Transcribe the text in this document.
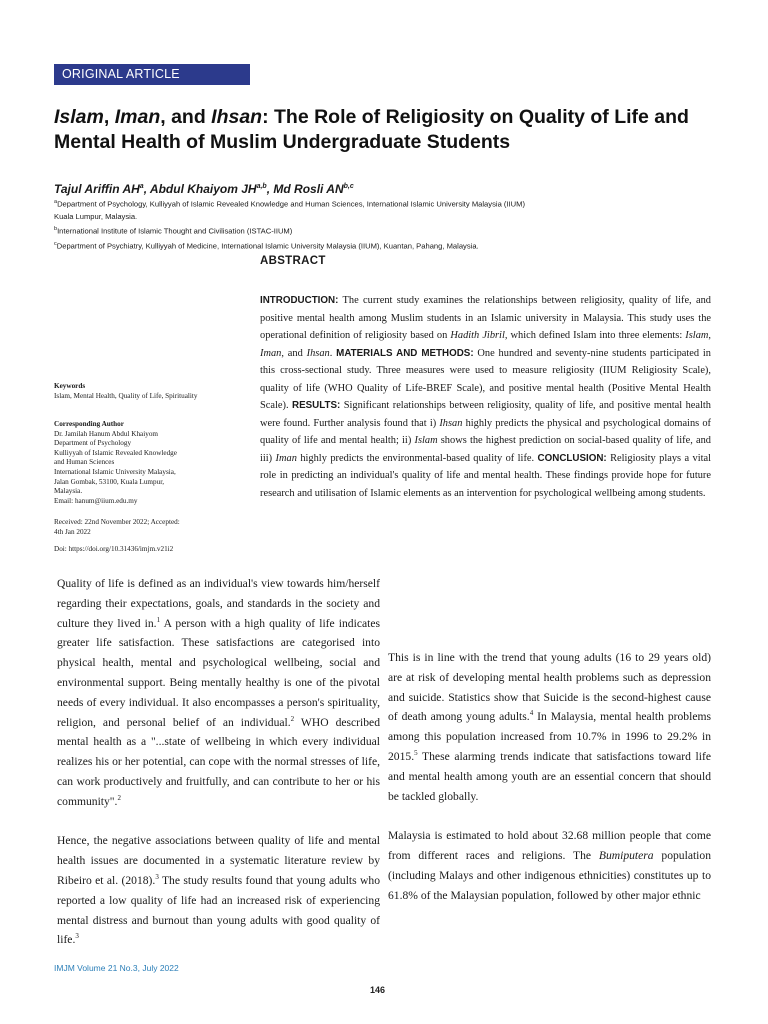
ORIGINAL ARTICLE
Islam, Iman, and Ihsan: The Role of Religiosity on Quality of Life and Mental Health of Muslim Undergraduate Students
Tajul Ariffin $AH^a$, Abdul Khaiyom JH$^{a,b}$, Md Rosli AN$^{b,c}$
$^a$Department of Psychology, Kulliyyah of Islamic Revealed Knowledge and Human Sciences, International Islamic University Malaysia (IIUM)
Kuala Lumpur, Malaysia.
$^b$International Institute of Islamic Thought and Civilisation (ISTAC-IIUM)
$^c$Department of Psychiatry, Kulliyyah of Medicine, International Islamic University Malaysia (IIUM), Kuantan, Pahang, Malaysia.
ABSTRACT
INTRODUCTION: The current study examines the relationships between religiosity, quality of life, and positive mental health among Muslim students in an Islamic university in Malaysia. This study uses the operational definition of religiosity based on Hadith Jibril, which defined Islam into three elements: Islam, Iman, and Ihsan. MATERIALS AND METHODS: One hundred and seventy-nine students participated in this cross-sectional study. Three measures were used to measure religiosity (IIUM Religiosity Scale), quality of life (WHO Quality of Life-BREF Scale), and positive mental health (Positive Mental Health Scale). RESULTS: Significant relationships between religiosity, quality of life, and positive mental health were found. Further analysis found that i) Ihsan highly predicts the physical and psychological domains of quality of life and mental health; ii) Islam shows the highest prediction on social-based quality of life, and iii) Iman highly predicts the environmental-based quality of life. CONCLUSION: Religiosity plays a vital role in predicting an individual's quality of life and mental health. These findings provide hope for future research and utilisation of Islamic elements as an intervention for psychological wellbeing among students.
Keywords
Islam, Mental Health, Quality of Life, Spirituality
Corresponding Author
Dr. Jamilah Hanum Abdul Khaiyom
Department of Psychology
Kulliyyah of Islamic Revealed Knowledge
and Human Sciences
International Islamic University Malaysia,
Jalan Gombak, 53100, Kuala Lumpur,
Malaysia.
Email: hanum@iium.edu.my
Received: 22nd November 2022; Accepted:
4th Jan 2022
Doi: https://doi.org/10.31436/imjm.v21i2

Quality of life is defined as an individual's view towards him/herself regarding their expectations, goals, and standards in the society and culture they lived in.$^1$ A person with a high quality of life indicates greater life satisfaction. These satisfactions are categorised into physical health, mental and psychological wellbeing, social and environmental support. Being mentally healthy is one of the pivotal needs of every individual. It also encompasses a person's spirituality, religion, and personal belief of an individual.$^2$ WHO described mental health as a "...state of wellbeing in which every individual realizes his or her potential, can cope with the normal stresses of life, can work productively and fruitfully, and can contribute to her or his community".$^2$

Hence, the negative associations between quality of life and mental health issues are documented in a systematic literature review by Ribeiro et al. (2018).$^3$ The study results found that young adults who reported a low quality of life had an increased risk of experiencing mental distress and burnout than young adults with good quality of life.$^3$

This is in line with the trend that young adults (16 to 29 years old) are at risk of developing mental health problems such as depression and suicide. Statistics show that Suicide is the second-highest cause of death among young adults.$^4$ In Malaysia, mental health problems among this population increased from 10.7% in 1996 to 29.2% in 2015.$^5$ These alarming trends indicate that satisfactions toward life and mental health among youth are an essential concern that should be tackled globally.

Malaysia is estimated to hold about 32.68 million people that come from different races and religions. The Bumiputera population (including Malays and other indigenous ethnicities) constitutes up to 61.8% of the Malaysian population, followed by other major ethnic

IMJM Volume 21 No.3, July 2022
146
